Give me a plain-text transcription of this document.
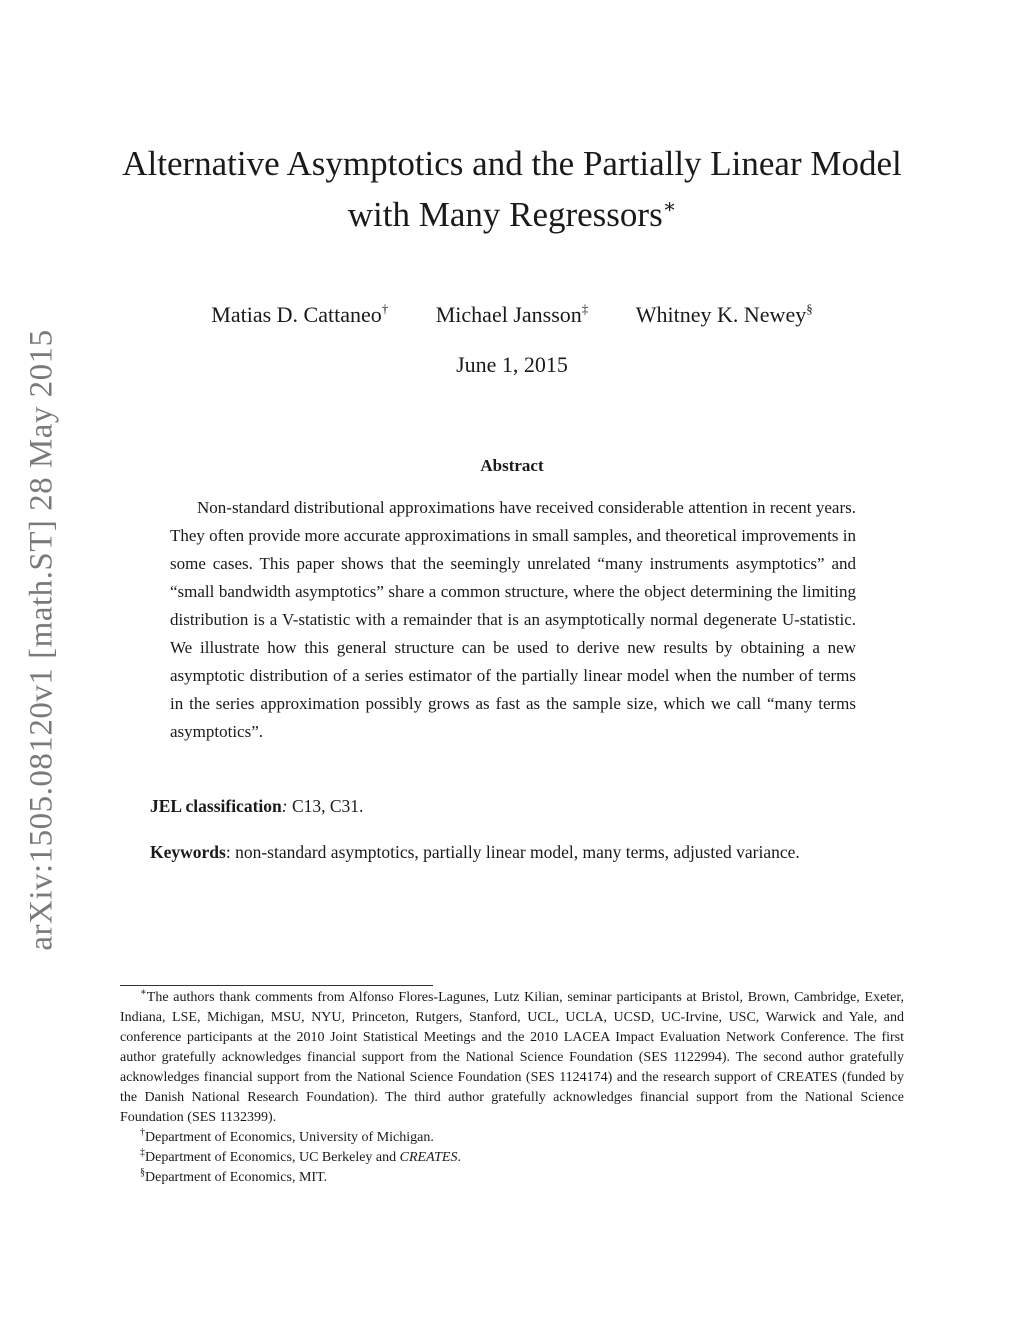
arXiv:1505.08120v1 [math.ST] 28 May 2015
Alternative Asymptotics and the Partially Linear Model
with Many Regressors∗
Matias D. Cattaneo† Michael Jansson‡ Whitney K. Newey§
June 1, 2015
Abstract

Non-standard distributional approximations have received considerable attention in recent years. They often provide more accurate approximations in small samples, and theoretical improvements in some cases. This paper shows that the seemingly unrelated “many instruments asymptotics” and “small bandwidth asymptotics” share a common structure, where the object determining the limiting distribution is a V-statistic with a remainder that is an asymptotically normal degenerate U-statistic. We illustrate how this general structure can be used to derive new results by obtaining a new asymptotic distribution of a series estimator of the partially linear model when the number of terms in the series approximation possibly grows as fast as the sample size, which we call “many terms asymptotics”.

JEL classification: C13, C31.

Keywords: non-standard asymptotics, partially linear model, many terms, adjusted variance.

∗The authors thank comments from Alfonso Flores-Lagunes, Lutz Kilian, seminar participants at Bristol, Brown, Cambridge, Exeter, Indiana, LSE, Michigan, MSU, NYU, Princeton, Rutgers, Stanford, UCL, UCLA, UCSD, UC-Irvine, USC, Warwick and Yale, and conference participants at the 2010 Joint Statistical Meetings and the 2010 LACEA Impact Evaluation Network Conference. The first author gratefully acknowledges financial support from the National Science Foundation (SES 1122994). The second author gratefully acknowledges financial support from the National Science Foundation (SES 1124174) and the research support of CREATES (funded by the Danish National Research Foundation). The third author gratefully acknowledges financial support from the National Science Foundation (SES 1132399).

†Department of Economics, University of Michigan.

‡Department of Economics, UC Berkeley and CREATES.

§Department of Economics, MIT.
